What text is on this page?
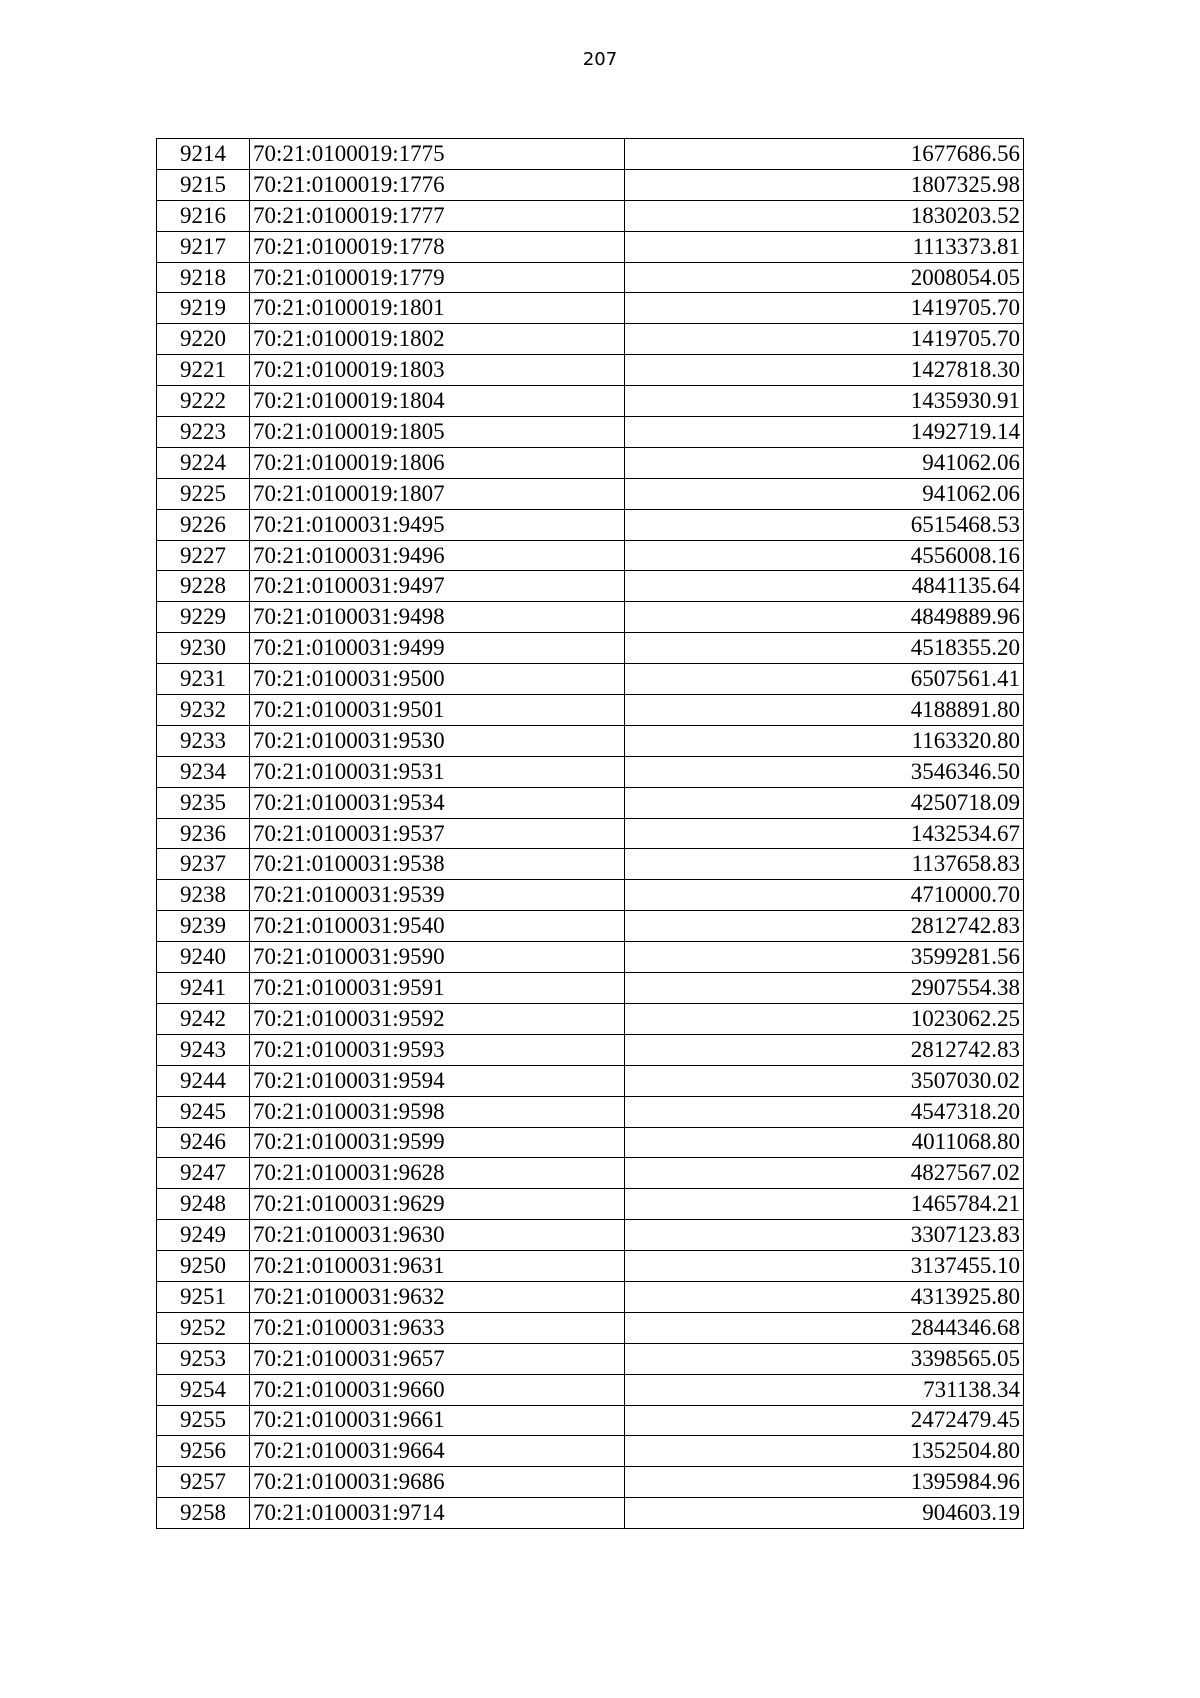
207
9214	70:21:0100019:1775	1677686.56
9215	70:21:0100019:1776	1807325.98
9216	70:21:0100019:1777	1830203.52
9217	70:21:0100019:1778	1113373.81
9218	70:21:0100019:1779	2008054.05
9219	70:21:0100019:1801	1419705.70
9220	70:21:0100019:1802	1419705.70
9221	70:21:0100019:1803	1427818.30
9222	70:21:0100019:1804	1435930.91
9223	70:21:0100019:1805	1492719.14
9224	70:21:0100019:1806	941062.06
9225	70:21:0100019:1807	941062.06
9226	70:21:0100031:9495	6515468.53
9227	70:21:0100031:9496	4556008.16
9228	70:21:0100031:9497	4841135.64
9229	70:21:0100031:9498	4849889.96
9230	70:21:0100031:9499	4518355.20
9231	70:21:0100031:9500	6507561.41
9232	70:21:0100031:9501	4188891.80
9233	70:21:0100031:9530	1163320.80
9234	70:21:0100031:9531	3546346.50
9235	70:21:0100031:9534	4250718.09
9236	70:21:0100031:9537	1432534.67
9237	70:21:0100031:9538	1137658.83
9238	70:21:0100031:9539	4710000.70
9239	70:21:0100031:9540	2812742.83
9240	70:21:0100031:9590	3599281.56
9241	70:21:0100031:9591	2907554.38
9242	70:21:0100031:9592	1023062.25
9243	70:21:0100031:9593	2812742.83
9244	70:21:0100031:9594	3507030.02
9245	70:21:0100031:9598	4547318.20
9246	70:21:0100031:9599	4011068.80
9247	70:21:0100031:9628	4827567.02
9248	70:21:0100031:9629	1465784.21
9249	70:21:0100031:9630	3307123.83
9250	70:21:0100031:9631	3137455.10
9251	70:21:0100031:9632	4313925.80
9252	70:21:0100031:9633	2844346.68
9253	70:21:0100031:9657	3398565.05
9254	70:21:0100031:9660	731138.34
9255	70:21:0100031:9661	2472479.45
9256	70:21:0100031:9664	1352504.80
9257	70:21:0100031:9686	1395984.96
9258	70:21:0100031:9714	904603.19
